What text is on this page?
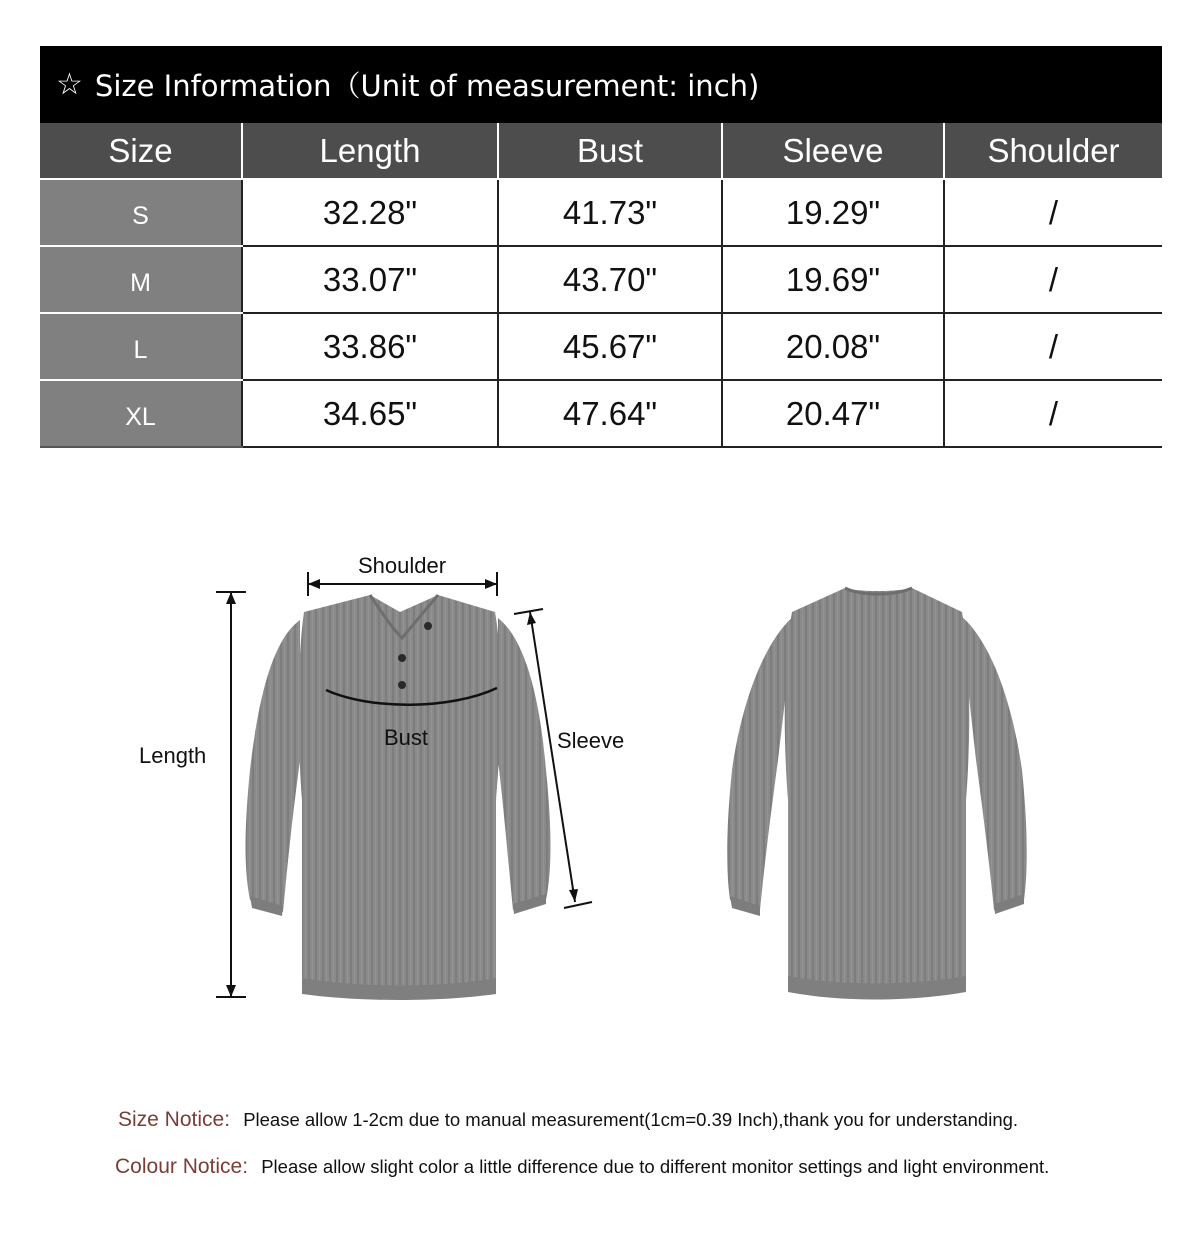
☆ Size Information（Unit of measurement: inch)
Size	Length	Bust	Sleeve	Shoulder
S	32.28"	41.73"	19.29"	/
M	33.07"	43.70"	19.69"	/
L	33.86"	45.67"	20.08"	/
XL	34.65"	47.64"	20.47"	/
Shoulder
Bust	Sleeve
Length
Size Notice: Please allow 1-2cm due to manual measurement(1cm=0.39 Inch),thank you for understanding.
Colour Notice: Please allow slight color a little difference due to different monitor settings and light environment.
